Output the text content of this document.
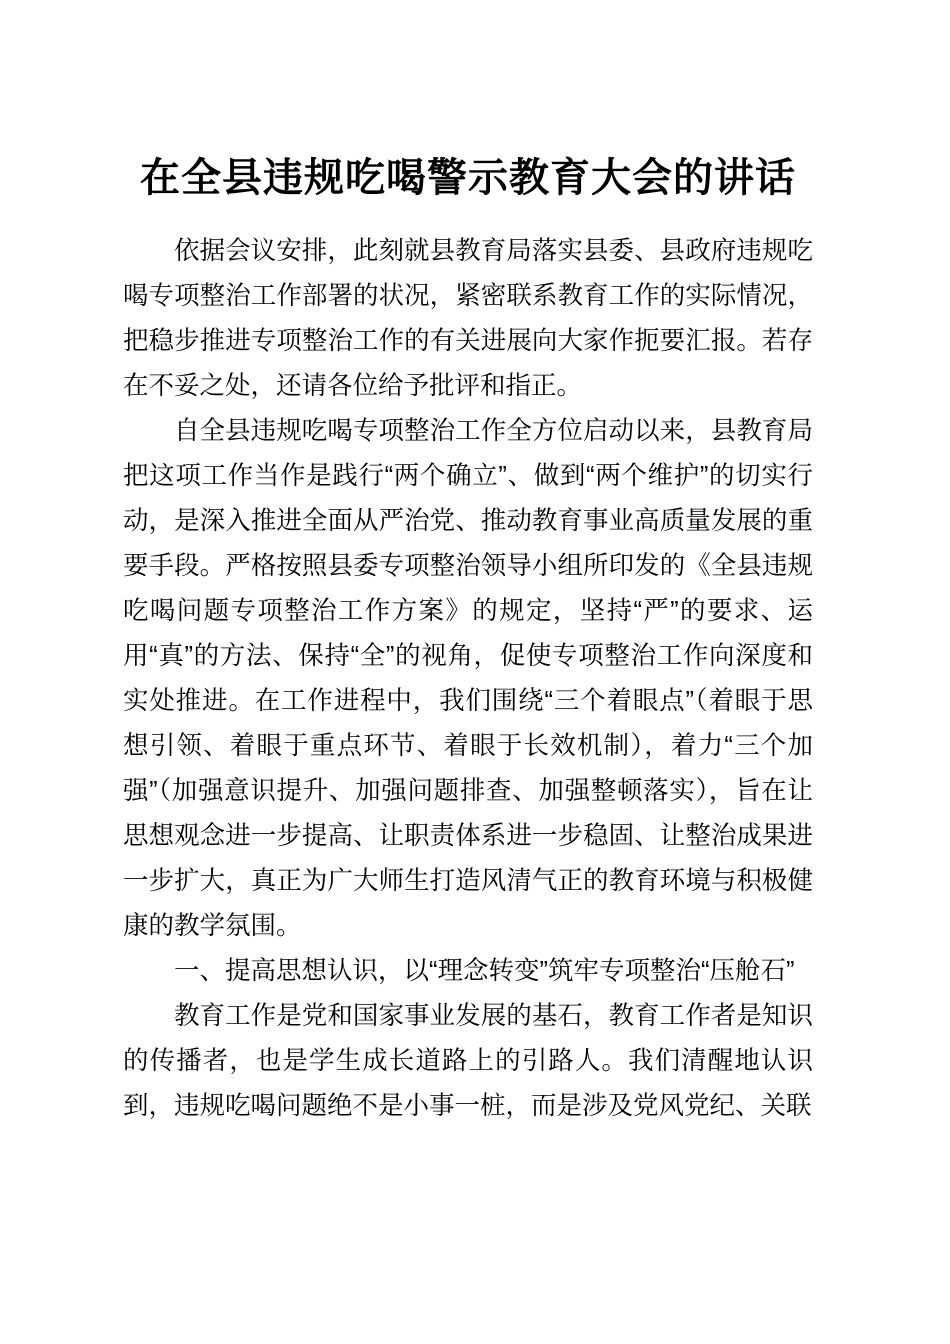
在全县违规吃喝警示教育大会的讲话

依据会议安排，此刻就县教育局落实县委、县政府违规吃喝专项整治工作部署的状况，紧密联系教育工作的实际情况，把稳步推进专项整治工作的有关进展向大家作扼要汇报。若存在不妥之处，还请各位给予批评和指正。

自全县违规吃喝专项整治工作全方位启动以来，县教育局把这项工作当作是践行“两个确立”、做到“两个维护”的切实行动，是深入推进全面从严治党、推动教育事业高质量发展的重要手段。严格按照县委专项整治领导小组所印发的《全县违规吃喝问题专项整治工作方案》的规定，坚持“严”的要求、运用“真”的方法、保持“全”的视角，促使专项整治工作向深度和实处推进。在工作进程中，我们围绕“三个着眼点”（着眼于思想引领、着眼于重点环节、着眼于长效机制），着力“三个加强”（加强意识提升、加强问题排查、加强整顿落实），旨在让思想观念进一步提高、让职责体系进一步稳固、让整治成果进一步扩大，真正为广大师生打造风清气正的教育环境与积极健康的教学氛围。

一、提高思想认识，以“理念转变”筑牢专项整治“压舱石”

教育工作是党和国家事业发展的基石，教育工作者是知识的传播者，也是学生成长道路上的引路人。我们清醒地认识到，违规吃喝问题绝不是小事一桩，而是涉及党风党纪、关联
